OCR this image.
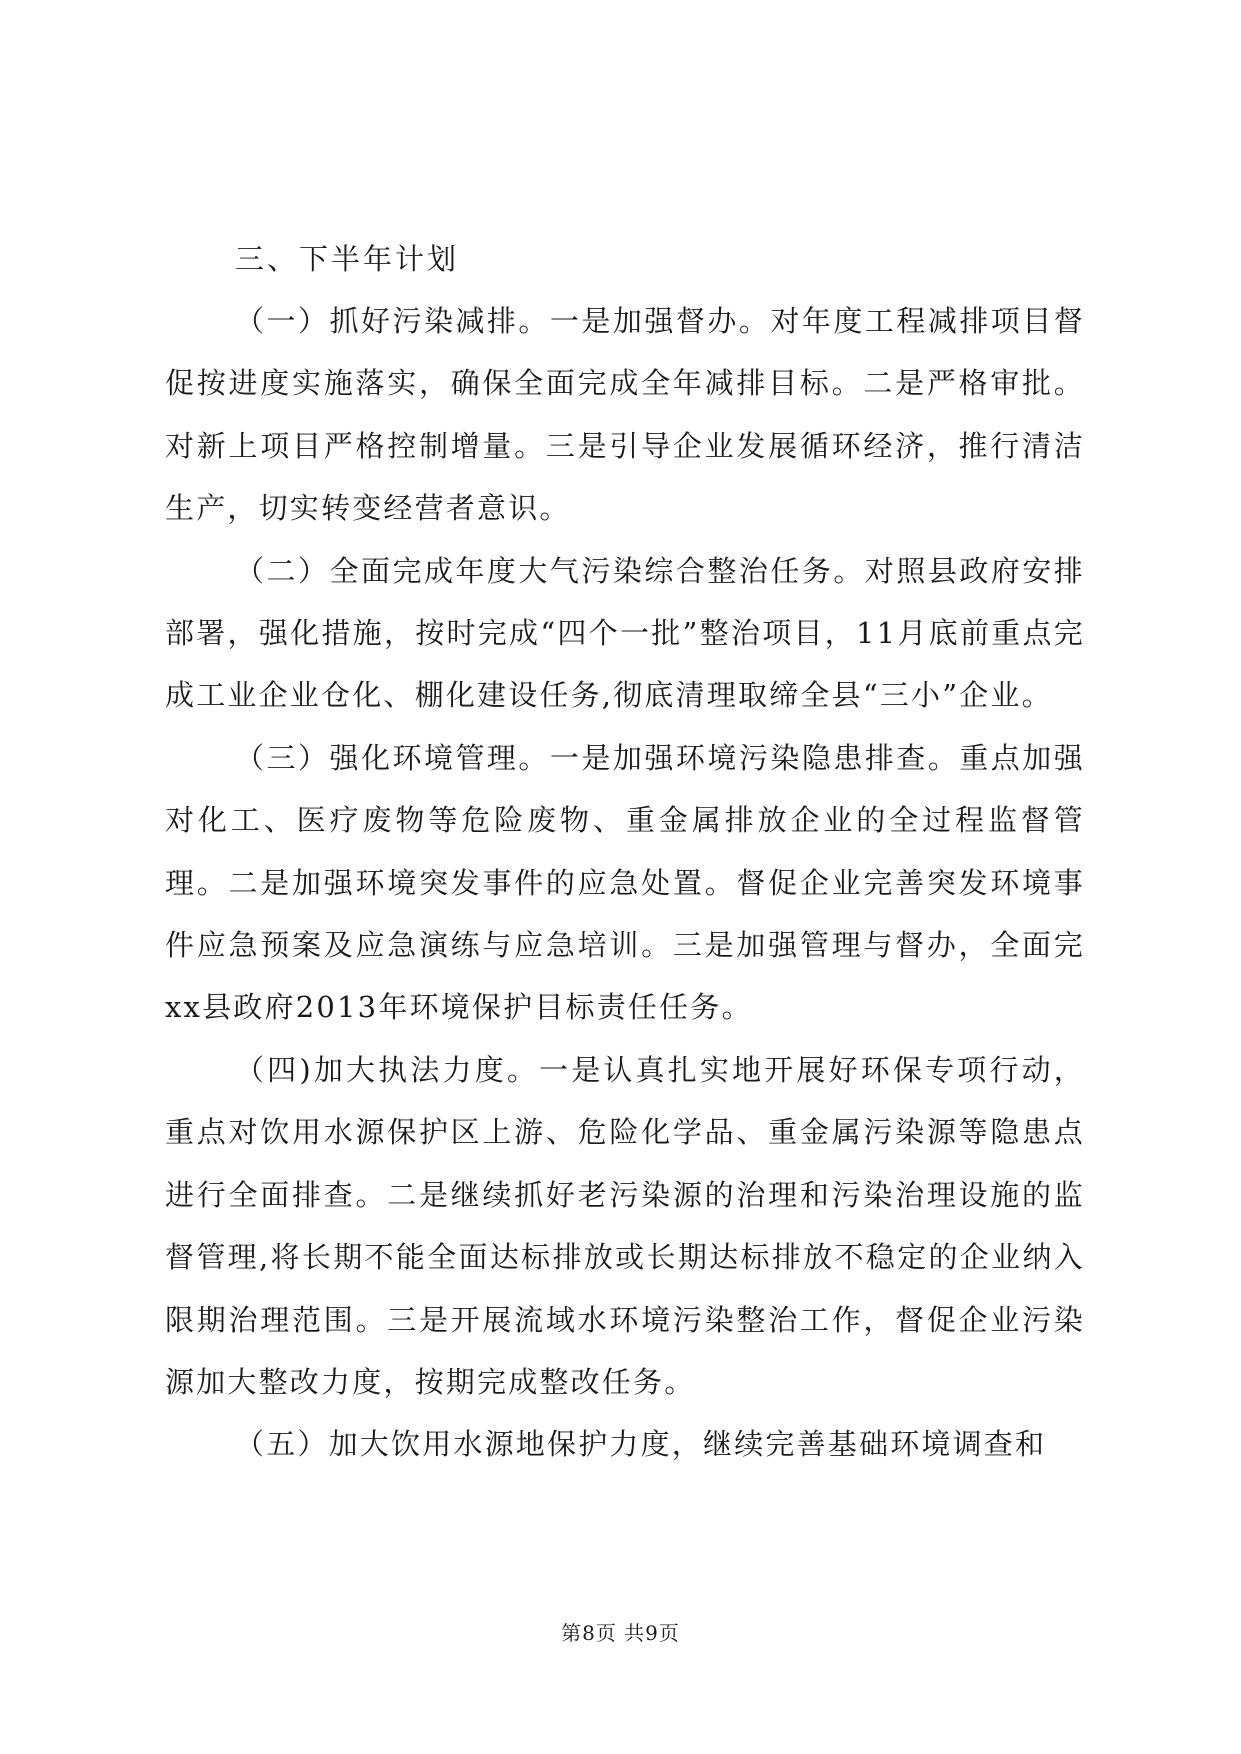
三、下半年计划

（一）抓好污染减排。一是加强督办。对年度工程减排项目督促按进度实施落实，确保全面完成全年减排目标。二是严格审批。对新上项目严格控制增量。三是引导企业发展循环经济，推行清洁生产，切实转变经营者意识。

（二）全面完成年度大气污染综合整治任务。对照县政府安排部署，强化措施，按时完成“四个一批”整治项目，11月底前重点完成工业企业仓化、棚化建设任务,彻底清理取缔全县“三小”企业。

（三）强化环境管理。一是加强环境污染隐患排查。重点加强对化工、医疗废物等危险废物、重金属排放企业的全过程监督管理。二是加强环境突发事件的应急处置。督促企业完善突发环境事件应急预案及应急演练与应急培训。三是加强管理与督办，全面完xx县政府2013年环境保护目标责任任务。

（四)加大执法力度。一是认真扎实地开展好环保专项行动，重点对饮用水源保护区上游、危险化学品、重金属污染源等隐患点进行全面排查。二是继续抓好老污染源的治理和污染治理设施的监督管理,将长期不能全面达标排放或长期达标排放不稳定的企业纳入限期治理范围。三是开展流域水环境污染整治工作，督促企业污染源加大整改力度，按期完成整改任务。

（五）加大饮用水源地保护力度，继续完善基础环境调查和

第8页 共9页
